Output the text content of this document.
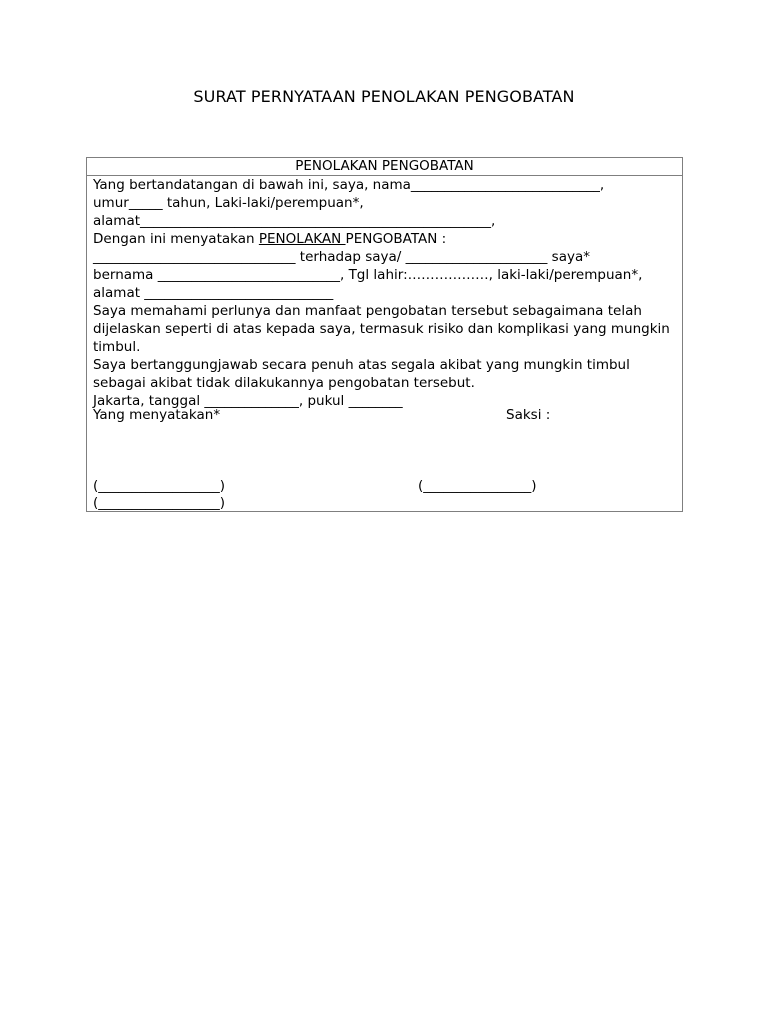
SURAT PERNYATAAN PENOLAKAN PENGOBATAN
PENOLAKAN PENGOBATAN
Yang bertandatangan di bawah ini, saya, nama____________________________,
umur_____ tahun, Laki-laki/perempuan*,
alamat____________________________________________________,
Dengan ini menyatakan PENOLAKAN PENGOBATAN :
______________________________ terhadap saya/ _____________________ saya*
bernama ___________________________, Tgl lahir:………………, laki-laki/perempuan*,
alamat ____________________________
Saya memahami perlunya dan manfaat pengobatan tersebut sebagaimana telah dijelaskan seperti di atas kepada saya, termasuk risiko dan komplikasi yang mungkin timbul.
Saya bertanggungjawab secara penuh atas segala akibat yang mungkin timbul sebagai akibat tidak dilakukannya pengobatan tersebut.
Jakarta, tanggal ______________, pukul ________
Yang menyatakan*	Saksi :
(__________________)	(________________)
(__________________)
